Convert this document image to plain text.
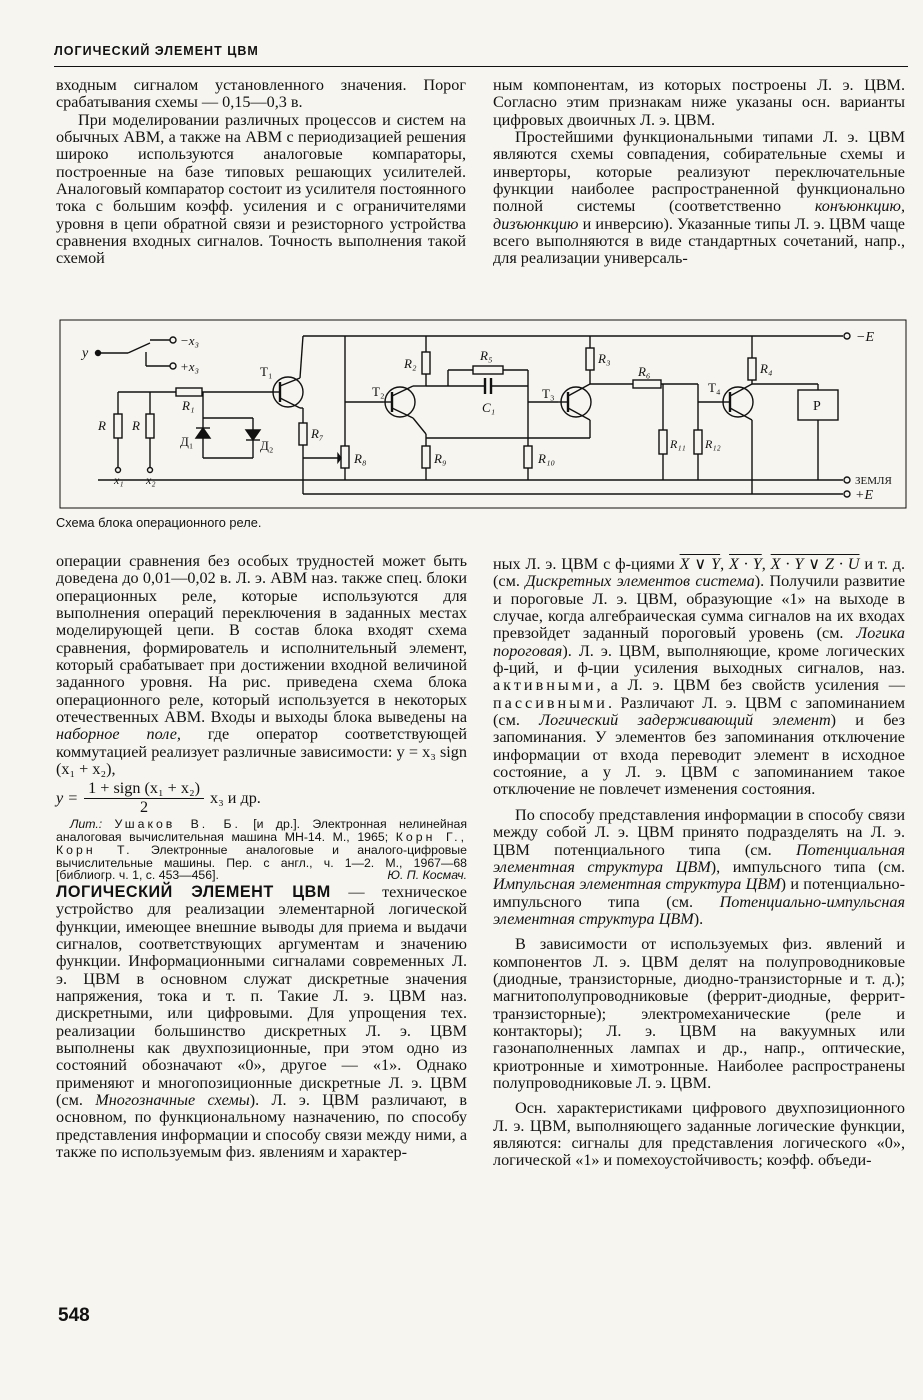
ЛОГИЧЕСКИЙ ЭЛЕМЕНТ ЦВМ

входным сигналом установленного значения. Порог срабатывания схемы — 0,15—0,3 в.

При моделировании различных процессов и систем на обычных АВМ, а также на АВМ с периодизацией решения широко используются аналоговые компараторы, построенные на базе типовых решающих усилителей. Аналоговый компаратор состоит из усилителя постоянного тока с большим коэфф. усиления и с ограничителями уровня в цепи обратной связи и резисторного устройства сравнения входных сигналов. Точность выполнения такой схемой

ным компонентам, из которых построены Л. э. ЦВМ. Согласно этим признакам ниже указаны осн. варианты цифровых двоичных Л. э. ЦВМ.

Простейшими функциональными типами Л. э. ЦВМ являются схемы совпадения, собирательные схемы и инверторы, которые реализуют переключательные функции наиболее распространенной функционально полной системы (соответственно конъюнкцию, дизъюнкцию и инверсию). Указанные типы Л. э. ЦВМ чаще всего выполняются в виде стандартных сочетаний, напр., для реализации универсаль-

−E
ЗЕМЛЯ
+E
y
−x₃
+x₃
R₁
R
x₁
R
x₂
Д₁	Д₂
T₁
R₇
R₈
T₂
R₂
R₉
R₅
C₁
R₁₀
T₃
R₃
R₆
R₁₁ R₁₂
T₄
R₄
P
Схема блока операционного реле.

операции сравнения без особых трудностей может быть доведена до 0,01—0,02 в. Л. э. АВМ наз. также спец. блоки операционных реле, которые используются для выполнения операций переключения в заданных местах моделирующей цепи. В состав блока входят схема сравнения, формирователь и исполнительный элемент, который срабатывает при достижении входной величиной заданного уровня. На рис. приведена схема блока операционного реле, который используется в некоторых отечественных АВМ. Входы и выходы блока выведены на наборное поле, где оператор соответствующей коммутацией реализует различные зависимости: y = x₃ sign (x₁ + x₂),

$y = \frac{\text{1 + sign (x₁ + x₂)}}{2} x_3$ и др.
Лит.: Ушаков В. Б. [и др.]. Электронная нелинейная аналоговая вычислительная машина МН-14. М., 1965; Корн Г., Корн Т. Электронные аналоговые и аналого-цифровые вычислительные машины. Пер. с англ., ч. 1—2. М., 1967—68 [библиогр. ч. 1, с. 453—456].	Ю. П. Космач.

ЛОГИЧЕСКИЙ ЭЛЕМЕНТ ЦВМ — техническое устройство для реализации элементарной логической функции, имеющее внешние выводы для приема и выдачи сигналов, соответствующих аргументам и значению функции. Информационными сигналами современных Л. э. ЦВМ в основном служат дискретные значения напряжения, тока и т. п. Такие Л. э. ЦВМ наз. дискретными, или цифровыми. Для упрощения тех. реализации большинство дискретных Л. э. ЦВМ выполнены как двухпозиционные, при этом одно из состояний обозначают «0», другое — «1». Однако применяют и многопозиционные дискретные Л. э. ЦВМ (см. Многозначные схемы). Л. э. ЦВМ различают, в основном, по функциональному назначению, по способу представления информации и способу связи между ними, а также по используемым физ. явлениям и характер-

ных Л. э. ЦВМ с ф-циями X ∨ Y, X · Y, X · Y ∨ Z · U и т. д. (см. Дискретных элементов система). Получили развитие и пороговые Л. э. ЦВМ, образующие «1» на выходе в случае, когда алгебраическая сумма сигналов на их входах превзойдет заданный пороговый уровень (см. Логика пороговая). Л. э. ЦВМ, выполняющие, кроме логических ф-ций, и ф-ции усиления выходных сигналов, наз. активными, а Л. э. ЦВМ без свойств усиления — пассивными. Различают Л. э. ЦВМ с запоминанием (см. Логический задерживающий элемент) и без запоминания. У элементов без запоминания отключение информации от входа переводит элемент в исходное состояние, а у Л. э. ЦВМ с запоминанием такое отключение не повлечет изменения состояния.

По способу представления информации в способу связи между собой Л. э. ЦВМ принято подразделять на Л. э. ЦВМ потенциального типа (см. Потенциальная элементная структура ЦВМ), импульсного типа (см. Импульсная элементная структура ЦВМ) и потенциально-импульсного типа (см. Потенциально-импульсная элементная структура ЦВМ).

В зависимости от используемых физ. явлений и компонентов Л. э. ЦВМ делят на полупроводниковые (диодные, транзисторные, диодно-транзисторные и т. д.); магнитополупроводниковые (феррит-диодные, феррит-транзисторные); электромеханические (реле и контакторы); Л. э. ЦВМ на вакуумных или газонаполненных лампах и др., напр., оптические, криотронные и химотронные. Наиболее распространены полупроводниковые Л. э. ЦВМ.

Осн. характеристиками цифрового двухпозиционного Л. э. ЦВМ, выполняющего заданные логические функции, являются: сигналы для представления логического «0», логической «1» и помехоустойчивость; коэфф. объеди-

548
